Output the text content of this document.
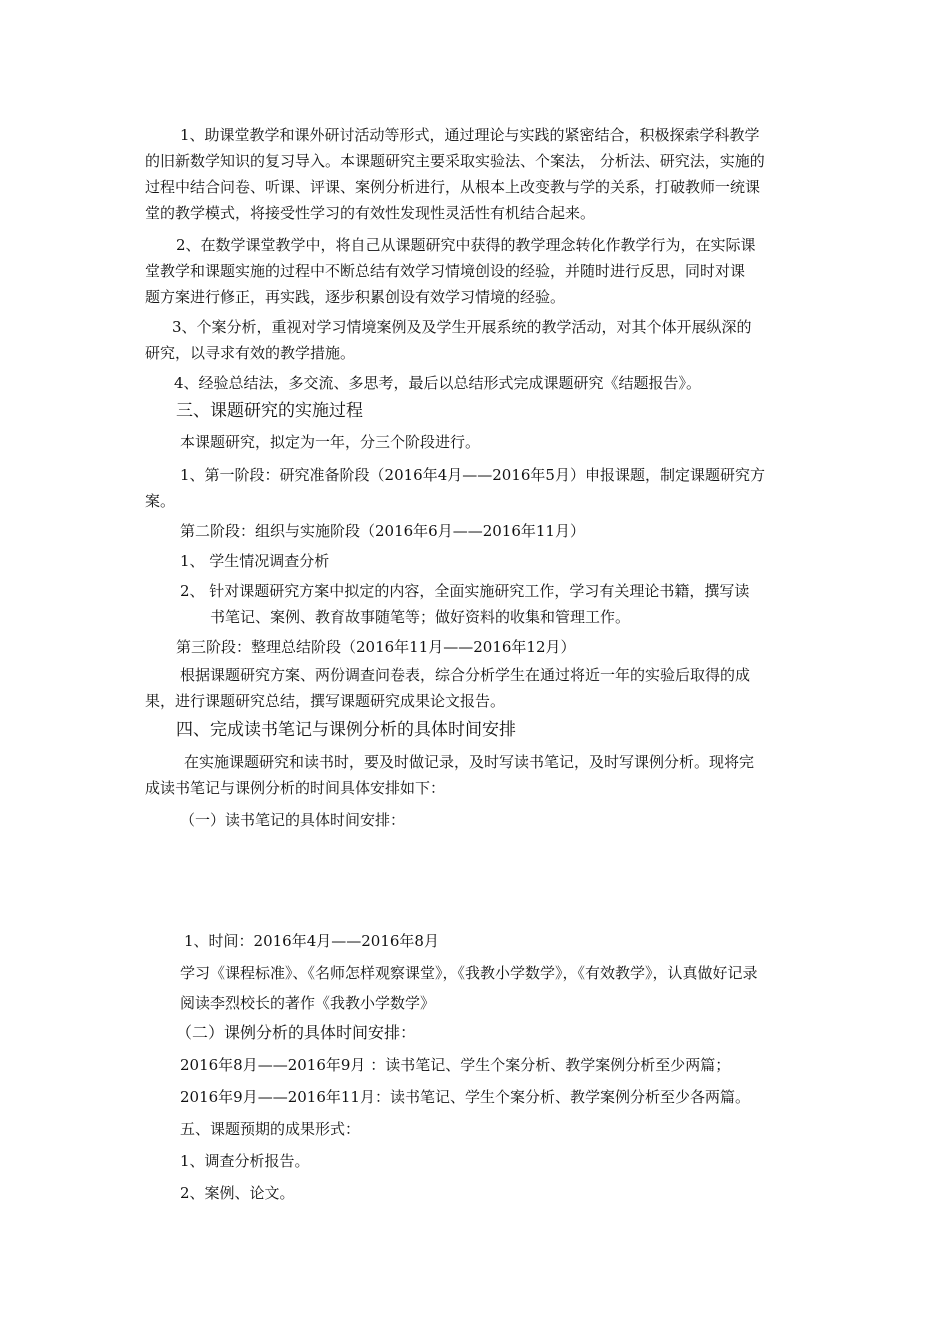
1、助课堂教学和课外研讨活动等形式，通过理论与实践的紧密结合，积极探索学科教学
的旧新数学知识的复习导入。本课题研究主要采取实验法、个案法， 分析法、研究法，实施的
过程中结合问卷、听课、评课、案例分析进行，从根本上改变教与学的关系，打破教师一统课
堂的教学模式，将接受性学习的有效性发现性灵活性有机结合起来。
2、在数学课堂教学中，将自己从课题研究中获得的教学理念转化作教学行为，在实际课
堂教学和课题实施的过程中不断总结有效学习情境创设的经验，并随时进行反思，同时对课
题方案进行修正，再实践，逐步积累创设有效学习情境的经验。
3、个案分析，重视对学习情境案例及及学生开展系统的教学活动，对其个体开展纵深的
研究，以寻求有效的教学措施。
4、经验总结法，多交流、多思考，最后以总结形式完成课题研究《结题报告》。
三、课题研究的实施过程
本课题研究，拟定为一年，分三个阶段进行。
1、第一阶段：研究准备阶段（2016年4月——2016年5月）申报课题，制定课题研究方
案。
第二阶段：组织与实施阶段（2016年6月——2016年11月）
1、 学生情况调查分析
2、 针对课题研究方案中拟定的内容，全面实施研究工作，学习有关理论书籍，撰写读
书笔记、案例、教育故事随笔等；做好资料的收集和管理工作。
第三阶段：整理总结阶段（2016年11月——2016年12月）
根据课题研究方案、两份调查问卷表，综合分析学生在通过将近一年的实验后取得的成
果，进行课题研究总结，撰写课题研究成果论文报告。
四、完成读书笔记与课例分析的具体时间安排
在实施课题研究和读书时，要及时做记录，及时写读书笔记，及时写课例分析。现将完
成读书笔记与课例分析的时间具体安排如下：
（一）读书笔记的具体时间安排：
1、时间：2016年4月——2016年8月
学习《课程标准》、《名师怎样观察课堂》，《我教小学数学》，《有效教学》，认真做好记录
阅读李烈校长的著作《我教小学数学》
（二）课例分析的具体时间安排：
2016年8月——2016年9月 ：读书笔记、学生个案分析、教学案例分析至少两篇；
2016年9月——2016年11月：读书笔记、学生个案分析、教学案例分析至少各两篇。
五、课题预期的成果形式：
1、调查分析报告。
2、案例、论文。
